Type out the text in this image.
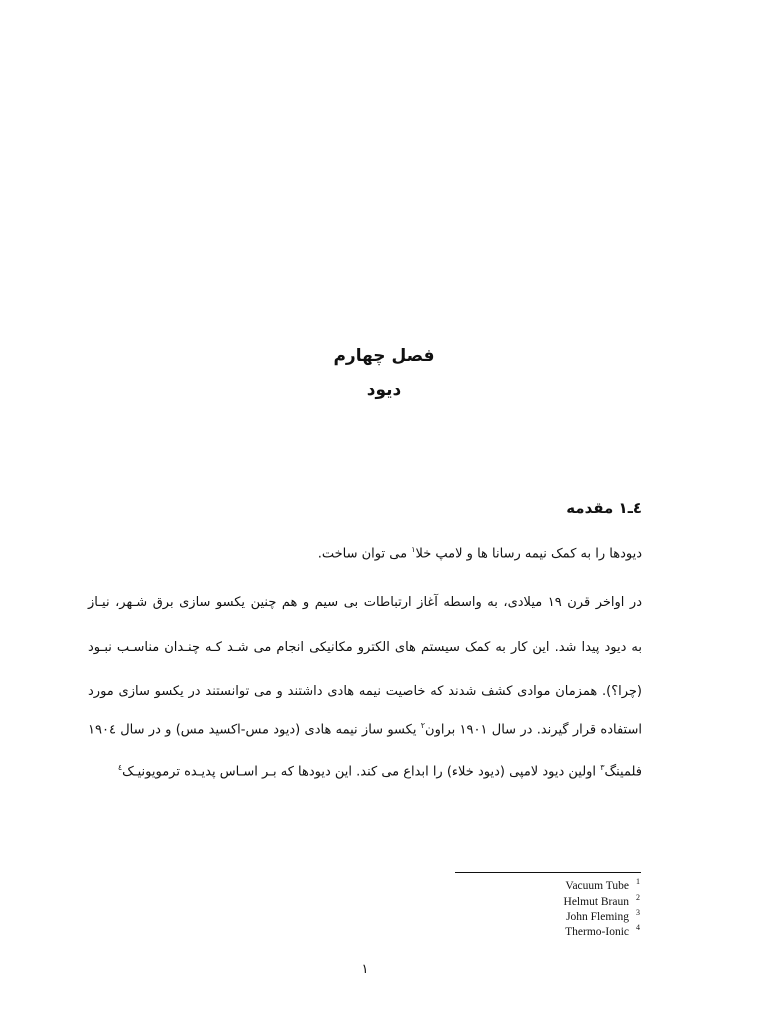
فصل چهارم
دیود
٤ـ١ مقدمه
دیودها را به کمک نیمه رسانا ها و لامپ خلا$^١$ می توان ساخت.
در اواخر قرن ١٩ میلادی، به واسطه آغاز ارتباطات بی سیم و هم چنین یکسو سازی برق شـهر، نیـاز
به دیود پیدا شد. این کار به کمک سیستم های الکترو مکانیکی انجام می شـد کـه چنـدان مناسـب نبـود
(چرا؟). همزمان موادی کشف شدند که خاصیت نیمه هادی داشتند و می توانستند در یکسو سازی مورد
استفاده قرار گیرند. در سال ١٩٠١ براون$^٢$ یکسو ساز نیمه هادی (دیود مس-اکسید مس) و در سال ١٩٠٤
فلمینگ$^٣$ اولین دیود لامپی (دیود خلاء) را ابداع می کند. این دیودها که بـر اسـاس پدیـده ترمویونیـک$^٤$
1
Vacuum Tube
2
Helmut Braun
3
John Fleming
4
Thermo-Ionic
١
